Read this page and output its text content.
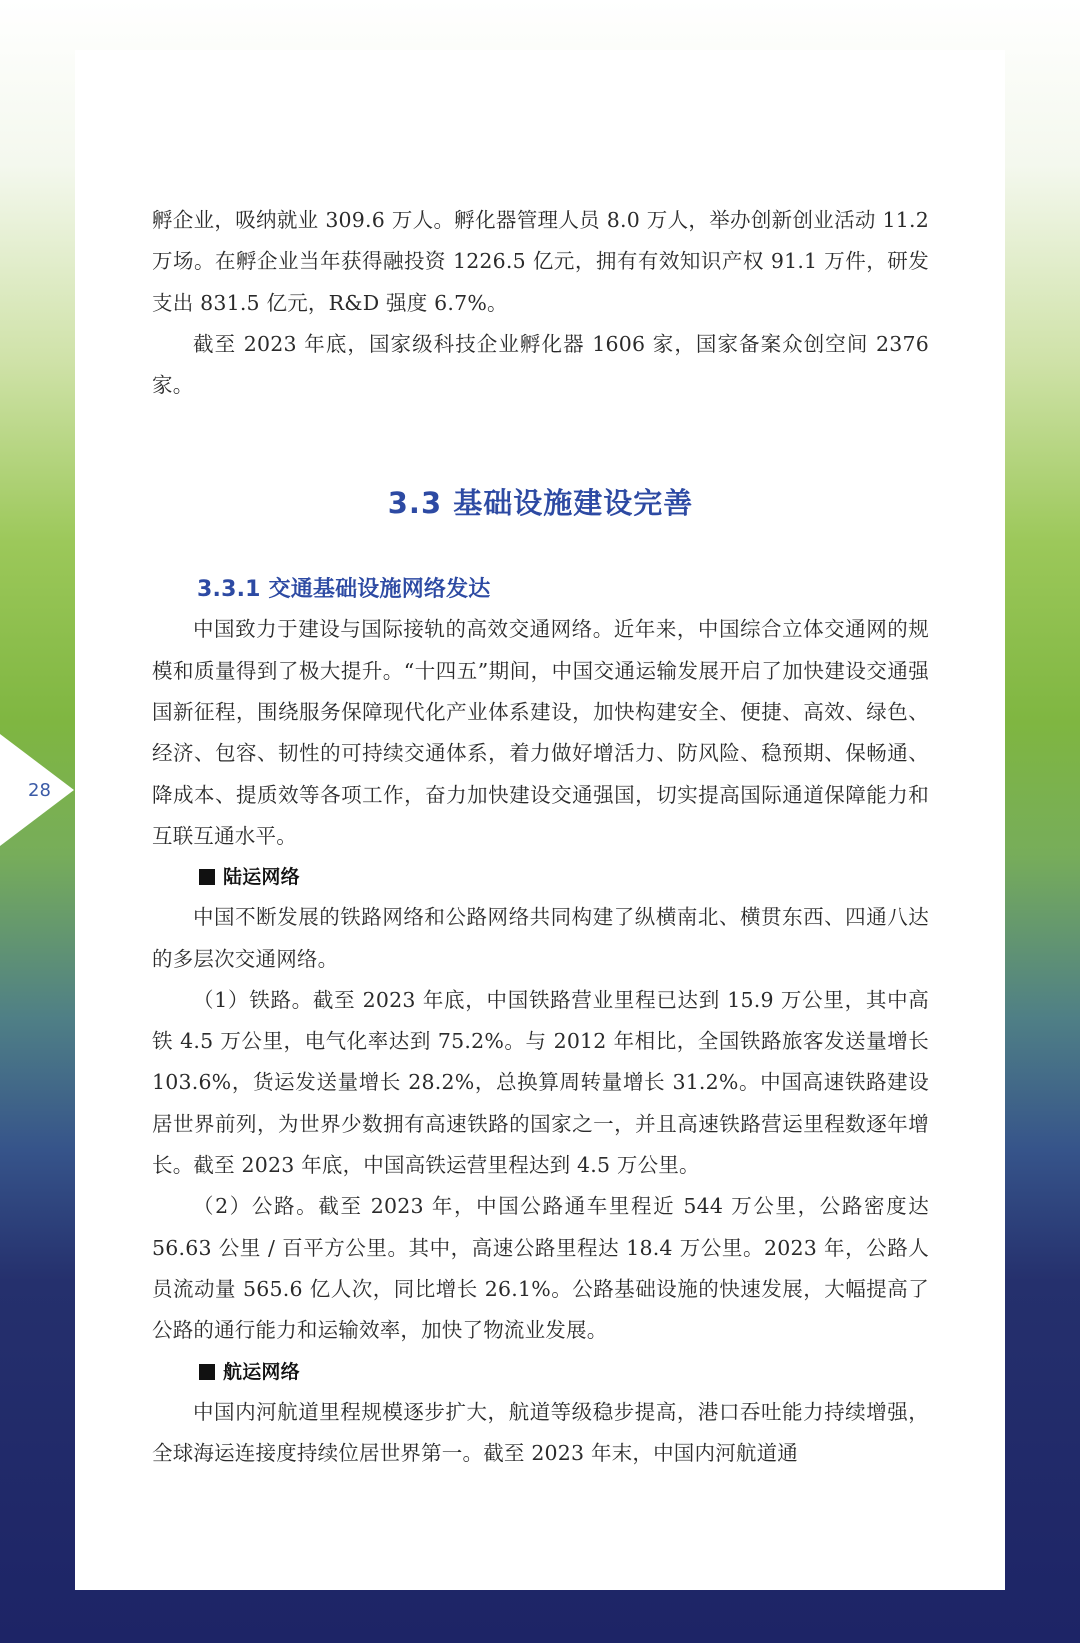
28

孵企业，吸纳就业 309.6 万人。孵化器管理人员 8.0 万人，举办创新创业活动 11.2 万场。在孵企业当年获得融投资 1226.5 亿元，拥有有效知识产权 91.1 万件，研发支出 831.5 亿元，R&D 强度 6.7%。

截至 2023 年底，国家级科技企业孵化器 1606 家，国家备案众创空间 2376 家。

3.3 基础设施建设完善
3.3.1 交通基础设施网络发达

中国致力于建设与国际接轨的高效交通网络。近年来，中国综合立体交通网的规模和质量得到了极大提升。“十四五”期间，中国交通运输发展开启了加快建设交通强国新征程，围绕服务保障现代化产业体系建设，加快构建安全、便捷、高效、绿色、经济、包容、韧性的可持续交通体系，着力做好增活力、防风险、稳预期、保畅通、降成本、提质效等各项工作，奋力加快建设交通强国，切实提高国际通道保障能力和互联互通水平。

陆运网络

中国不断发展的铁路网络和公路网络共同构建了纵横南北、横贯东西、四通八达的多层次交通网络。

（1）铁路。截至 2023 年底，中国铁路营业里程已达到 15.9 万公里，其中高铁 4.5 万公里，电气化率达到 75.2%。与 2012 年相比，全国铁路旅客发送量增长 103.6%，货运发送量增长 28.2%，总换算周转量增长 31.2%。中国高速铁路建设居世界前列，为世界少数拥有高速铁路的国家之一，并且高速铁路营运里程数逐年增长。截至 2023 年底，中国高铁运营里程达到 4.5 万公里。

（2）公路。截至 2023 年，中国公路通车里程近 544 万公里，公路密度达 56.63 公里 / 百平方公里。其中，高速公路里程达 18.4 万公里。2023 年，公路人员流动量 565.6 亿人次，同比增长 26.1%。公路基础设施的快速发展，大幅提高了公路的通行能力和运输效率，加快了物流业发展。

航运网络

中国内河航道里程规模逐步扩大，航道等级稳步提高，港口吞吐能力持续增强，全球海运连接度持续位居世界第一。截至 2023 年末，中国内河航道通
